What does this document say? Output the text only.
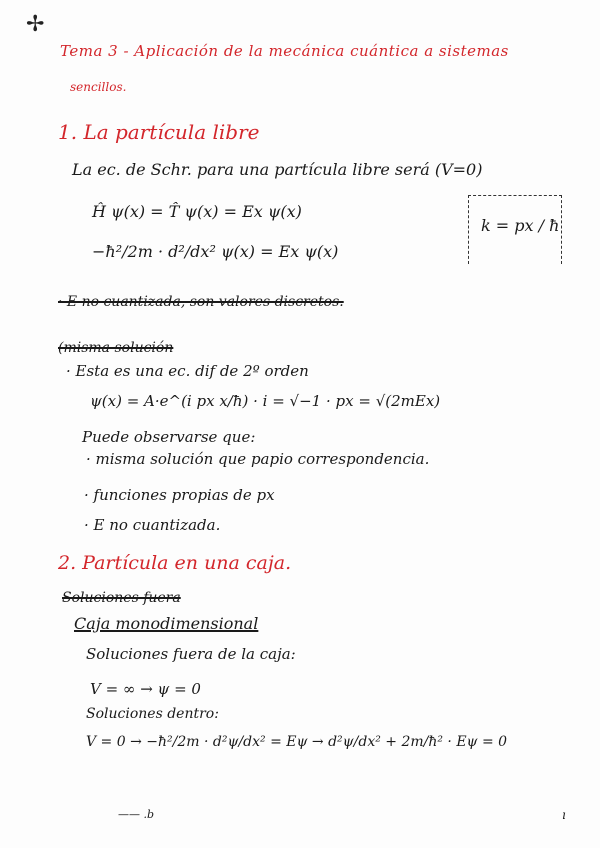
✢
Tema 3 - Aplicación de la mecánica cuántica a sistemas
sencillos.
1. La partícula libre
La ec. de Schr. para una partícula libre será (V=0)
Ĥ ψ(x) = T̂ ψ(x) = Ex ψ(x)
−ħ²/2m · d²/dx² ψ(x) = Ex ψ(x)
k = px / ħ
· E no cuantizada, son valores discretos.
(misma solución
· Esta es una ec. dif de 2º orden
ψ(x) = A·e^(i px x/ħ) · i = √−1 · px = √(2mEx)
Puede observarse que:
· misma solución que papio correspondencia.
· funciones propias de px
· E no cuantizada.
2. Partícula en una caja.
Soluciones fuera
Caja monodimensional
Soluciones fuera de la caja:
V = ∞ → ψ = 0
Soluciones dentro:
V = 0 → −ħ²/2m · d²ψ/dx² = Eψ → d²ψ/dx² + 2m/ħ² · Eψ = 0
—— .b	ı
